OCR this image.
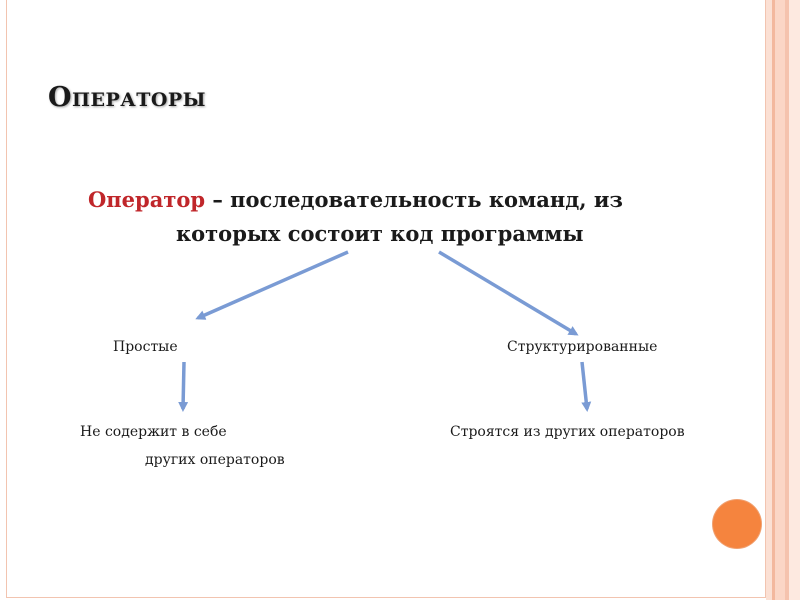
Операторы
Оператор – последовательность команд, из
которых состоит код программы
Простые	Структурированные
Не содержит в себе
других операторов
Строятся из других операторов
